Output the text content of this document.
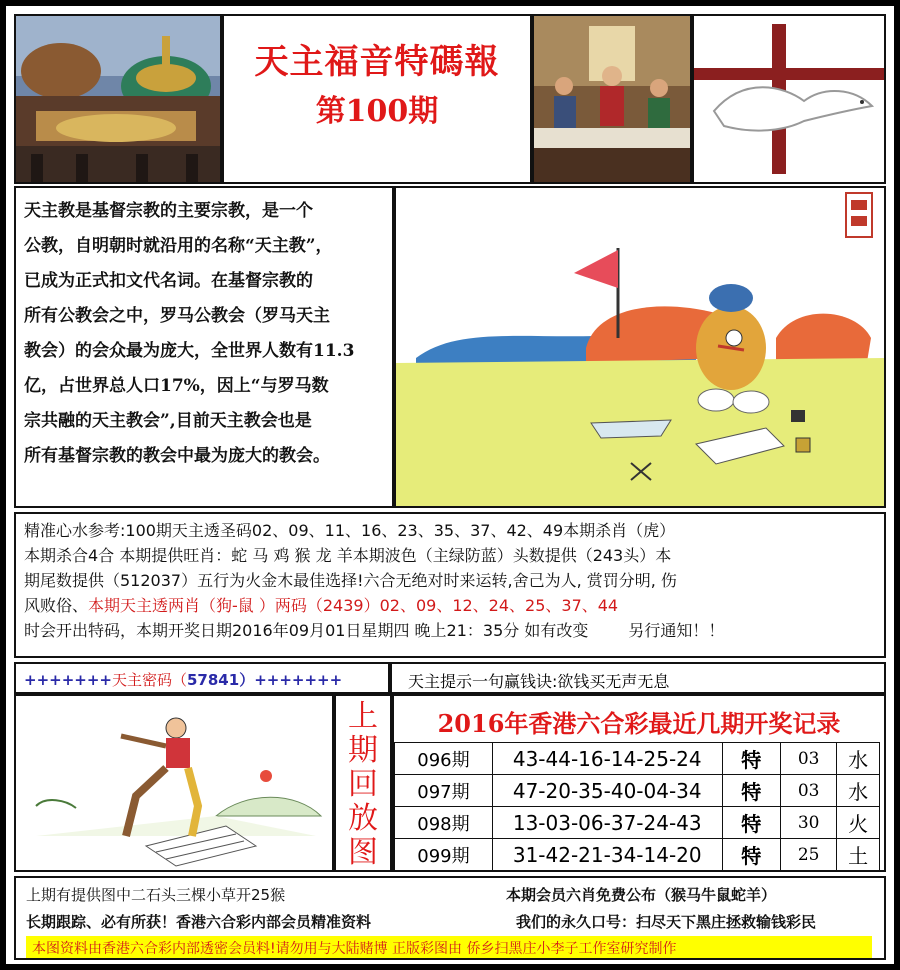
天主福音特碼報
第100期
天主教是基督宗教的主要宗教，是一个
公教，自明朝时就沿用的名称“天主教”，
已成为正式扣文代名词。在基督宗教的
所有公教会之中，罗马公教会（罗马天主
教会）的会众最为庞大，全世界人数有11.3
亿，占世界总人口17%，因上“与罗马数
宗共融的天主教会”,目前天主教会也是
所有基督宗教的教会中最为庞大的教会。
精准心水参考:100期天主透圣码02、09、11、16、23、35、37、42、49本期杀肖（虎）
本期杀合4合 本期提供旺肖：蛇 马 鸡 猴 龙 羊本期波色（主绿防蓝）头数提供（243头）本
期尾数提供（512037）五行为火金木最佳选择!六合无绝对时来运转,舍己为人, 赏罚分明, 伤
风败俗、本期天主透两肖（狗-鼠 ）两码（2439）02、09、12、24、25、37、44
时会开出特码，本期开奖日期2016年09月01日星期四 晚上21：35分 如有改变	另行通知！！
+++++++天主密码（57841）+++++++	天主提示一句赢钱诀:欲钱买无声无息
上
期
回
放
图
2016年香港六合彩最近几期开奖记录
096期	43-44-16-14-25-24	特	03	水
097期	47-20-35-40-04-34	特	03	水
098期	13-03-06-37-24-43	特	30	火
099期	31-42-21-34-14-20	特	25	土
上期有提供图中二石头三棵小草开25猴	本期会员六肖免费公布（猴马牛鼠蛇羊）
长期跟踪、必有所获！香港六合彩内部会员精准资料	我们的永久口号：扫尽天下黑庄拯救输钱彩民
本图资料由香港六合彩内部透密会员料!请勿用与大陆赌博 正版彩图由 侨乡扫黑庄小李子工作室研究制作
